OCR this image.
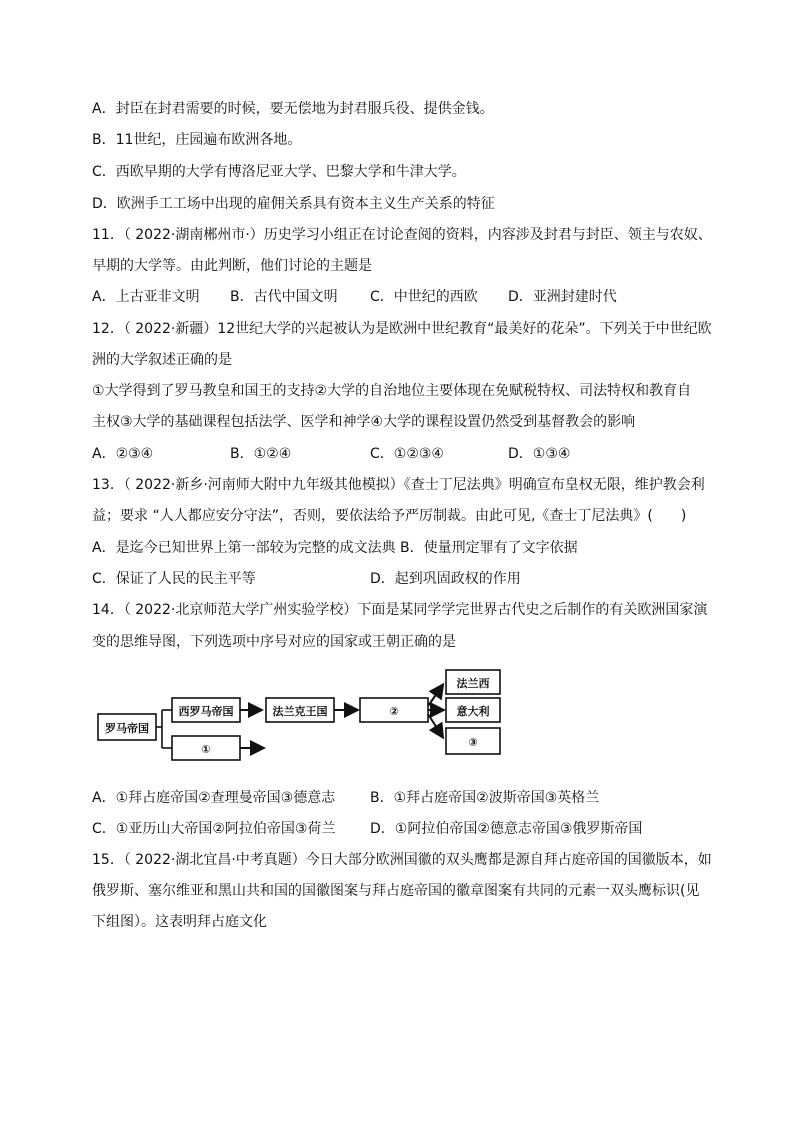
A．封臣在封君需要的时候，要无偿地为封君服兵役、提供金钱。
B．11世纪，庄园遍布欧洲各地。
C．西欧早期的大学有博洛尼亚大学、巴黎大学和牛津大学。
D．欧洲手工工场中出现的雇佣关系具有资本主义生产关系的特征
11．（ 2022·湖南郴州市·）历史学习小组正在讨论查阅的资料，内容涉及封君与封臣、领主与农奴、
早期的大学等。由此判断，他们讨论的主题是
A．上古亚非文明 B．古代中国文明 C．中世纪的西欧 D．亚洲封建时代
12．（ 2022·新疆）12世纪大学的兴起被认为是欧洲中世纪教育“最美好的花朵”。下列关于中世纪欧
洲的大学叙述正确的是
①大学得到了罗马教皇和国王的支持②大学的自治地位主要体现在免赋税特权、司法特权和教育自
主权③大学的基础课程包括法学、医学和神学④大学的课程设置仍然受到基督教会的影响
A．②③④	B．①②④	C．①②③④	D．①③④
13．（ 2022·新乡·河南师大附中九年级其他模拟）《查士丁尼法典》明确宣布皇权无限，维护教会利
益；要求 “人人都应安分守法”，否则，要依法给予严厉制裁。由此可见,《查士丁尼法典》(　　)
A．是迄今已知世界上第一部较为完整的成文法典 B．使量刑定罪有了文字依据
C．保证了人民的民主平等	D．起到巩固政权的作用
14．（ 2022·北京师范大学广州实验学校）下面是某同学学完世界古代史之后制作的有关欧洲国家演
变的思维导图，下列选项中序号对应的国家或王朝正确的是
罗马帝国
西罗马帝国
①
法兰克王国	②
法兰西
意大利
③
A．①拜占庭帝国②查理曼帝国③德意志 B．①拜占庭帝国②波斯帝国③英格兰
C．①亚历山大帝国②阿拉伯帝国③荷兰 D．①阿拉伯帝国②德意志帝国③俄罗斯帝国
15．（ 2022·湖北宜昌·中考真题）今日大部分欧洲国徽的双头鹰都是源自拜占庭帝国的国徽版本，如
俄罗斯、塞尔维亚和黑山共和国的国徽图案与拜占庭帝国的徽章图案有共同的元素一双头鹰标识(见
下组图）。这表明拜占庭文化
